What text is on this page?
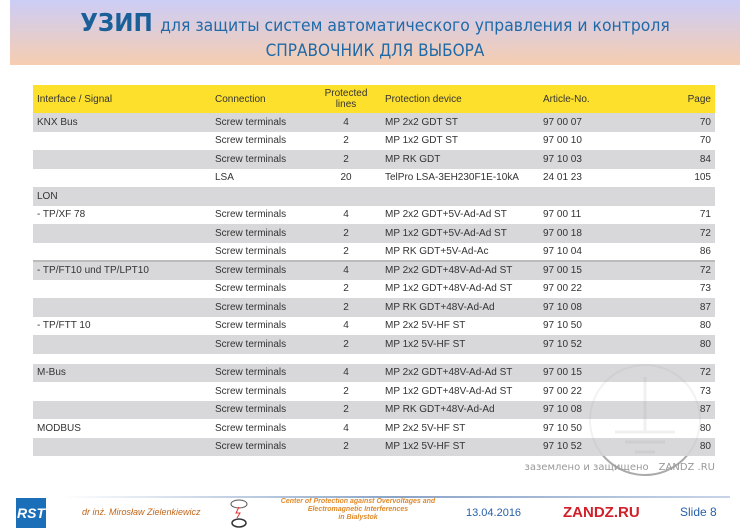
УЗИП для защиты систем автоматического управления и контроля
СПРАВОЧНИК ДЛЯ ВЫБОРА
Interface / Signal	Connection	Protected lines	Protection device	Article-No.	Page
KNX Bus	Screw terminals	4	MP 2x2 GDT ST	97 00 07	70
	Screw terminals	2	MP 1x2 GDT ST	97 00 10	70
	Screw terminals	2	MP RK GDT	97 10 03	84
	LSA	20	TelPro LSA-3EH230F1E-10kA	24 01 23	105
LON					
- TP/XF 78	Screw terminals	4	MP 2x2 GDT+5V-Ad-Ad ST	97 00 11	71
	Screw terminals	2	MP 1x2 GDT+5V-Ad-Ad ST	97 00 18	72
	Screw terminals	2	MP RK GDT+5V-Ad-Ac	97 10 04	86
- TP/FT10 und TP/LPT10	Screw terminals	4	MP 2x2 GDT+48V-Ad-Ad ST	97 00 15	72
	Screw terminals	2	MP 1x2 GDT+48V-Ad-Ad ST	97 00 22	73
	Screw terminals	2	MP RK GDT+48V-Ad-Ad	97 10 08	87
- TP/FTT 10	Screw terminals	4	MP 2x2 5V-HF ST	97 10 50	80
	Screw terminals	2	MP 1x2 5V-HF ST	97 10 52	80

M-Bus	Screw terminals	4	MP 2x2 GDT+48V-Ad-Ad ST	97 00 15	72
	Screw terminals	2	MP 1x2 GDT+48V-Ad-Ad ST	97 00 22	73
	Screw terminals	2	MP RK GDT+48V-Ad-Ad	97 10 08	87
MODBUS	Screw terminals	4	MP 2x2 5V-HF ST	97 10 50	80
	Screw terminals	2	MP 1x2 5V-HF ST	97 10 52	80
заземлено и защищено ZANDZ .RU
RST	dr inż. Mirosław Zielenkiewicz
Center of Protection against Overvoltages and
Electromagnetic Interferences
in Bialystok	13.04.2016	ZANDZ.RU	Slide 8
